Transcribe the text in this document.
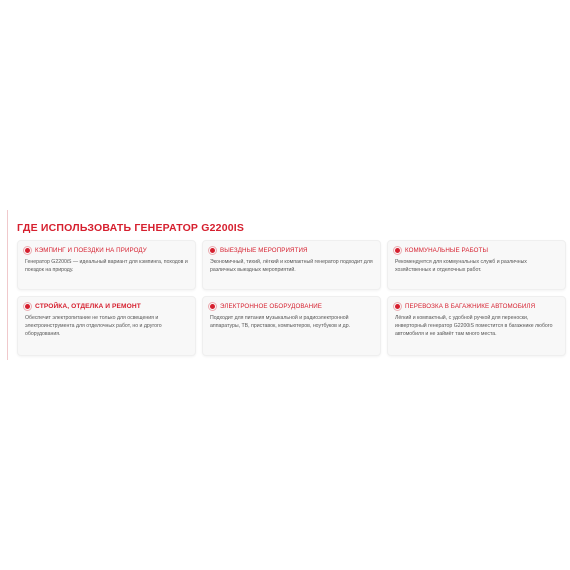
ГДЕ ИСПОЛЬЗОВАТЬ ГЕНЕРАТОР G2200IS
КЭМПИНГ И ПОЕЗДКИ НА ПРИРОДУ
Генератор G2200iS — идеальный вариант для кэмпинга, походов и поездок на природу.
ВЫЕЗДНЫЕ МЕРОПРИЯТИЯ
Экономичный, тихий, лёгкий и компактный генератор подходит для различных выездных мероприятий.
КОММУНАЛЬНЫЕ РАБОТЫ
Рекомендуется для коммунальных служб и различных хозяйственных и отделочных работ.
СТРОЙКА, ОТДЕЛКА И РЕМОНТ
Обеспечит электропитание не только для освещения и электроинструмента для отделочных работ, но и другого оборудования.
ЭЛЕКТРОННОЕ ОБОРУДОВАНИЕ
Подходит для питания музыкальной и радиоэлектронной аппаратуры, ТВ, приставок, компьютеров, ноутбуков и др.
ПЕРЕВОЗКА В БАГАЖНИКЕ АВТОМОБИЛЯ
Лёгкий и компактный, с удобной ручкой для переноски, инверторный генератор G2200iS поместится в багажнике любого автомобиля и не займёт там много места.
